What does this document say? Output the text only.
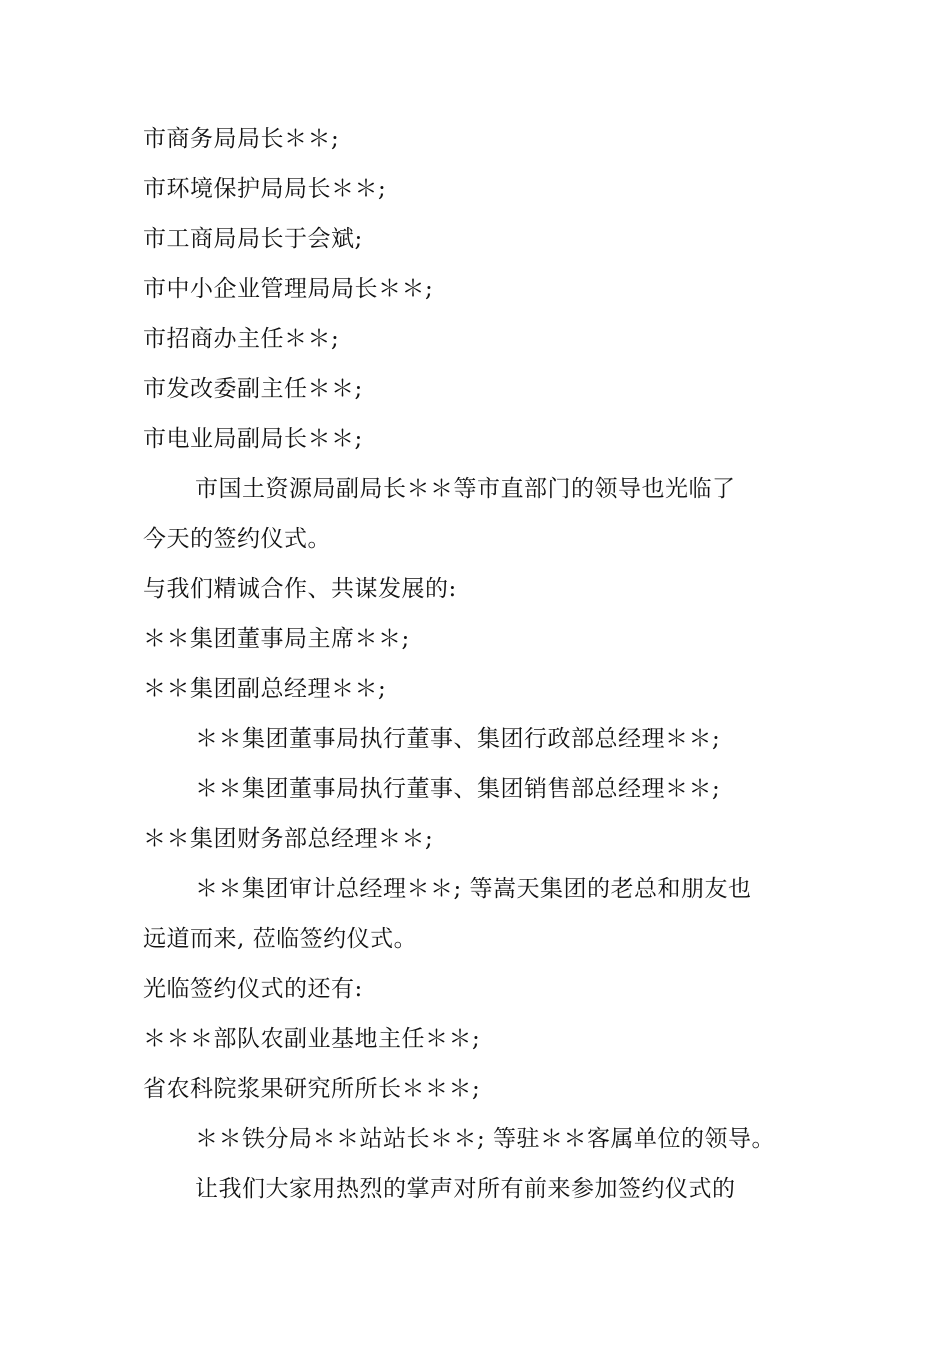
市商务局局长＊＊;
市环境保护局局长＊＊;
市工商局局长于会斌;
市中小企业管理局局长＊＊;
市招商办主任＊＊;
市发改委副主任＊＊;
市电业局副局长＊＊;
市国土资源局副局长＊＊等市直部门的领导也光临了
今天的签约仪式。
与我们精诚合作、共谋发展的:
＊＊集团董事局主席＊＊;
＊＊集团副总经理＊＊;
＊＊集团董事局执行董事、集团行政部总经理＊＊;
＊＊集团董事局执行董事、集团销售部总经理＊＊;
＊＊集团财务部总经理＊＊;
＊＊集团审计总经理＊＊; 等嵩天集团的老总和朋友也
远道而来, 莅临签约仪式。
光临签约仪式的还有:
＊＊＊部队农副业基地主任＊＊;
省农科院浆果研究所所长＊＊＊;
＊＊铁分局＊＊站站长＊＊; 等驻＊＊客属单位的领导。
让我们大家用热烈的掌声对所有前来参加签约仪式的
